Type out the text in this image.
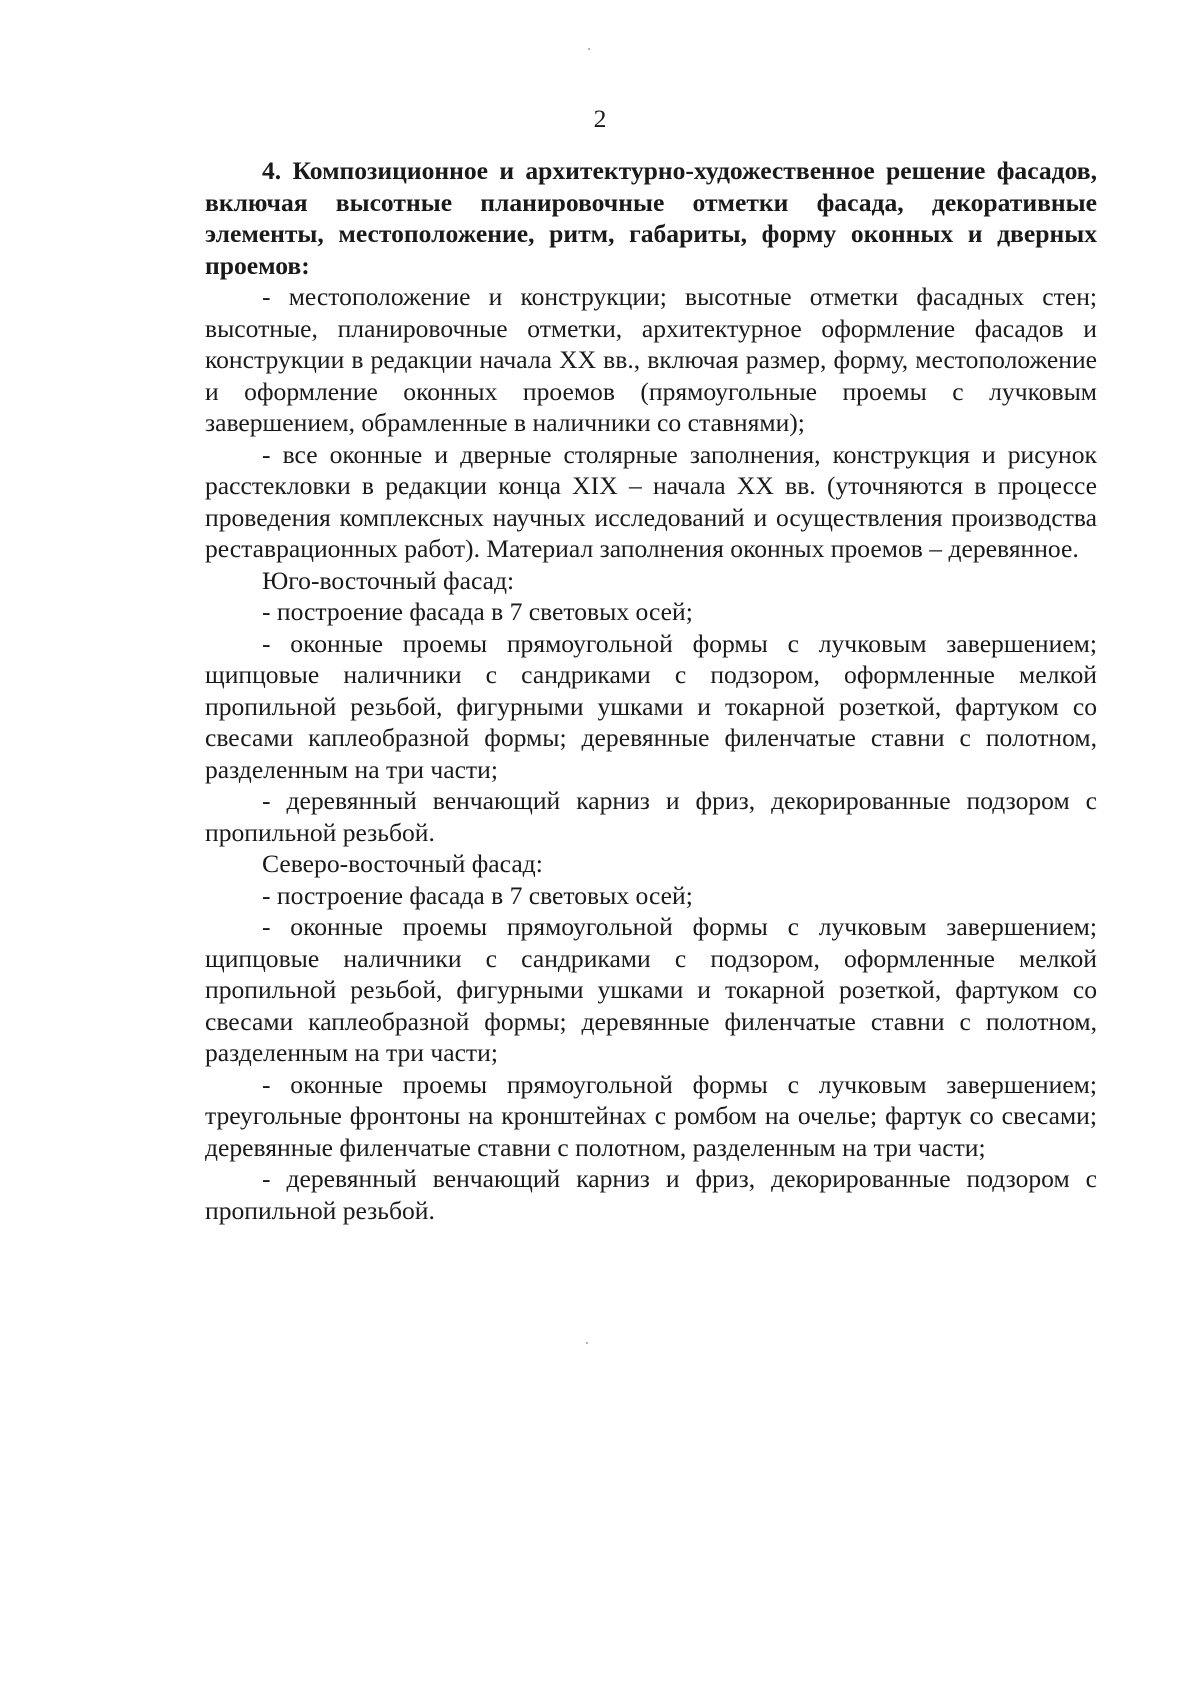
2

4. Композиционное и архитектурно-художественное решение фасадов, включая высотные планировочные отметки фасада, декоративные элементы, местоположение, ритм, габариты, форму оконных и дверных проемов:

- местоположение и конструкции; высотные отметки фасадных стен; высотные, планировочные отметки, архитектурное оформление фасадов и конструкции в редакции начала XX вв., включая размер, форму, местоположение и оформление оконных проемов (прямоугольные проемы с лучковым завершением, обрамленные в наличники со ставнями);

- все оконные и дверные столярные заполнения, конструкция и рисунок расстекловки в редакции конца XIX – начала XX вв. (уточняются в процессе проведения комплексных научных исследований и осуществления производства реставрационных работ). Материал заполнения оконных проемов – деревянное.

Юго-восточный фасад:

- построение фасада в 7 световых осей;

- оконные проемы прямоугольной формы с лучковым завершением; щипцовые наличники с сандриками с подзором, оформленные мелкой пропильной резьбой, фигурными ушками и токарной розеткой, фартуком со свесами каплеобразной формы; деревянные филенчатые ставни с полотном, разделенным на три части;

- деревянный венчающий карниз и фриз, декорированные подзором с пропильной резьбой.

Северо-восточный фасад:

- построение фасада в 7 световых осей;

- оконные проемы прямоугольной формы с лучковым завершением; щипцовые наличники с сандриками с подзором, оформленные мелкой пропильной резьбой, фигурными ушками и токарной розеткой, фартуком со свесами каплеобразной формы; деревянные филенчатые ставни с полотном, разделенным на три части;

- оконные проемы прямоугольной формы с лучковым завершением; треугольные фронтоны на кронштейнах с ромбом на очелье; фартук со свесами; деревянные филенчатые ставни с полотном, разделенным на три части;

- деревянный венчающий карниз и фриз, декорированные подзором с пропильной резьбой.
